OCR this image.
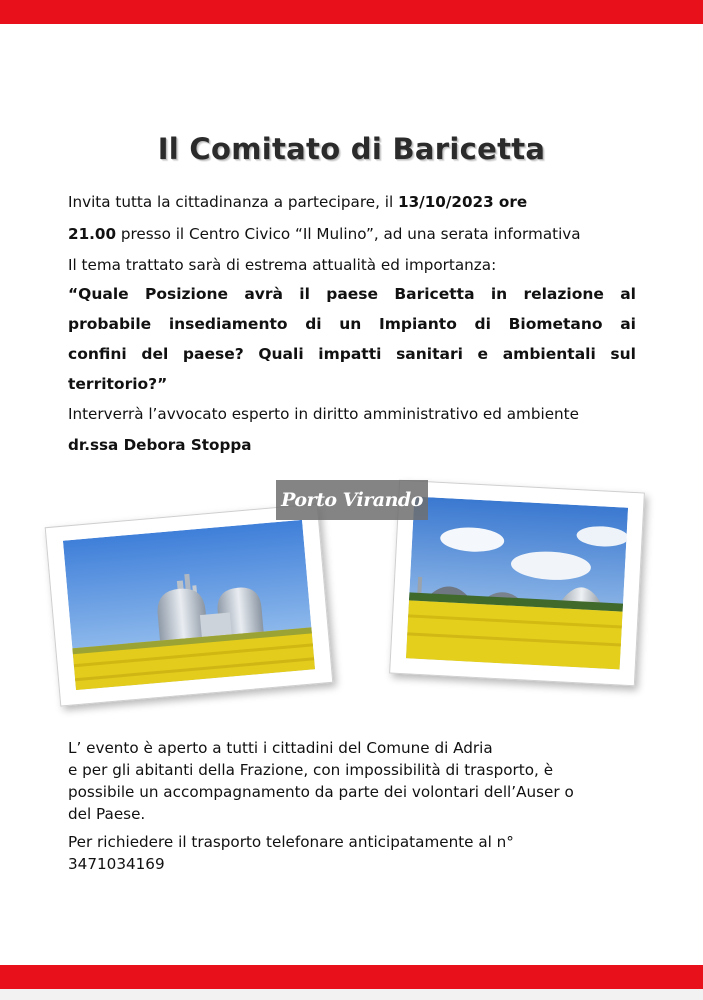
Il Comitato di Baricetta
Invita tutta la cittadinanza a partecipare, il 13/10/2023 ore
21.00 presso il Centro Civico “Il Mulino”, ad una serata informativa
Il tema trattato sarà di estrema attualità ed importanza:
“Quale Posizione avrà il paese Baricetta in relazione al
probabile insediamento di un Impianto di Biometano ai
confini del paese? Quali impatti sanitari e ambientali sul
territorio?”
Interverrà l’avvocato esperto in diritto amministrativo ed ambiente
dr.ssa Debora Stoppa
Porto Virando
L’ evento è aperto a tutti i cittadini del Comune di Adria
e per gli abitanti della Frazione, con impossibilità di trasporto, è
possibile un accompagnamento da parte dei volontari dell’Auser o
del Paese.
Per richiedere il trasporto telefonare anticipatamente al n°
3471034169
